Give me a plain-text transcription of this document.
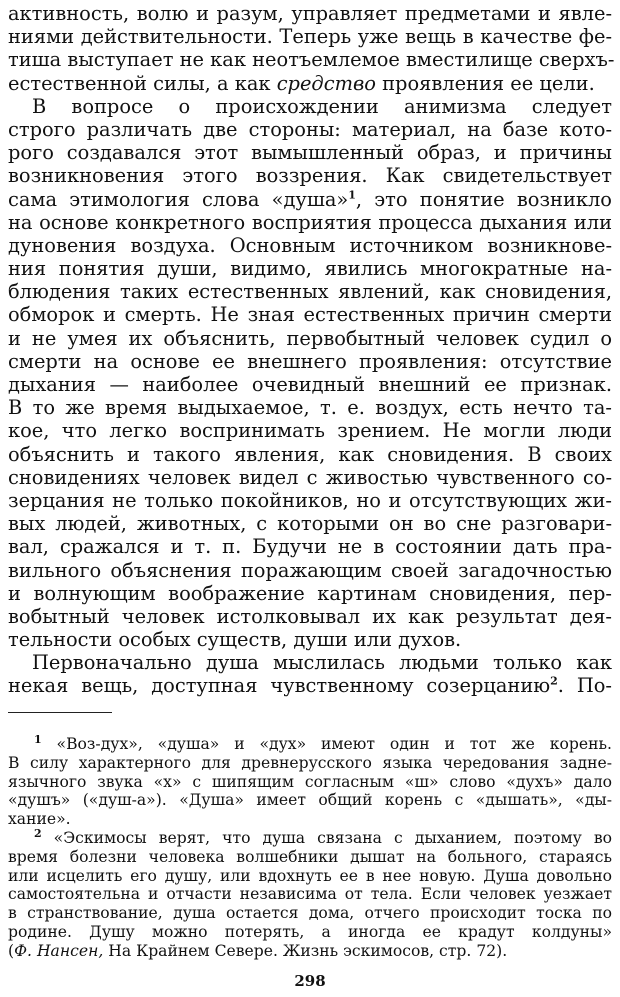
активность, волю и разум, управляет предметами и явле-
ниями действительности. Теперь уже вещь в качестве фе-
тиша выступает не как неотъемлемое вместилище сверхъ-
естественной силы, а как средство проявления ее цели.
В вопросе о происхождении анимизма следует
строго различать две стороны: материал, на базе кото-
рого создавался этот вымышленный образ, и причины
возникновения этого воззрения. Как свидетельствует
сама этимология слова «душа»$^1$, это понятие возникло
на основе конкретного восприятия процесса дыхания или
дуновения воздуха. Основным источником возникнове-
ния понятия души, видимо, явились многократные на-
блюдения таких естественных явлений, как сновидения,
обморок и смерть. Не зная естественных причин смерти
и не умея их объяснить, первобытный человек судил о
смерти на основе ее внешнего проявления: отсутствие
дыхания — наиболее очевидный внешний ее признак.
В то же время выдыхаемое, т. е. воздух, есть нечто та-
кое, что легко воспринимать зрением. Не могли люди
объяснить и такого явления, как сновидения. В своих
сновидениях человек видел с живостью чувственного со-
зерцания не только покойников, но и отсутствующих жи-
вых людей, животных, с которыми он во сне разговари-
вал, сражался и т. п. Будучи не в состоянии дать пра-
вильного объяснения поражающим своей загадочностью
и волнующим воображение картинам сновидения, пер-
вобытный человек истолковывал их как результат дея-
тельности особых существ, души или духов.
Первоначально душа мыслилась людьми только как
некая вещь, доступная чувственному созерцанию$^2$. По-
$^1$ «Воз-дух», «душа» и «дух» имеют один и тот же корень.
В силу характерного для древнерусского языка чередования задне-
язычного звука «х» с шипящим согласным «ш» слово «духъ» дало
«душъ» («душ-а»). «Душа» имеет общий корень с «дышать», «ды-
хание».
$^2$ «Эскимосы верят, что душа связана с дыханием, поэтому во
время болезни человека волшебники дышат на больного, стараясь
или исцелить его душу, или вдохнуть ее в нее новую. Душа довольно
самостоятельна и отчасти независима от тела. Если человек уезжает
в странствование, душа остается дома, отчего происходит тоска по
родине. Душу можно потерять, а иногда ее крадут колдуны»
(Ф. Нансен, На Крайнем Севере. Жизнь эскимосов, стр. 72).
298
